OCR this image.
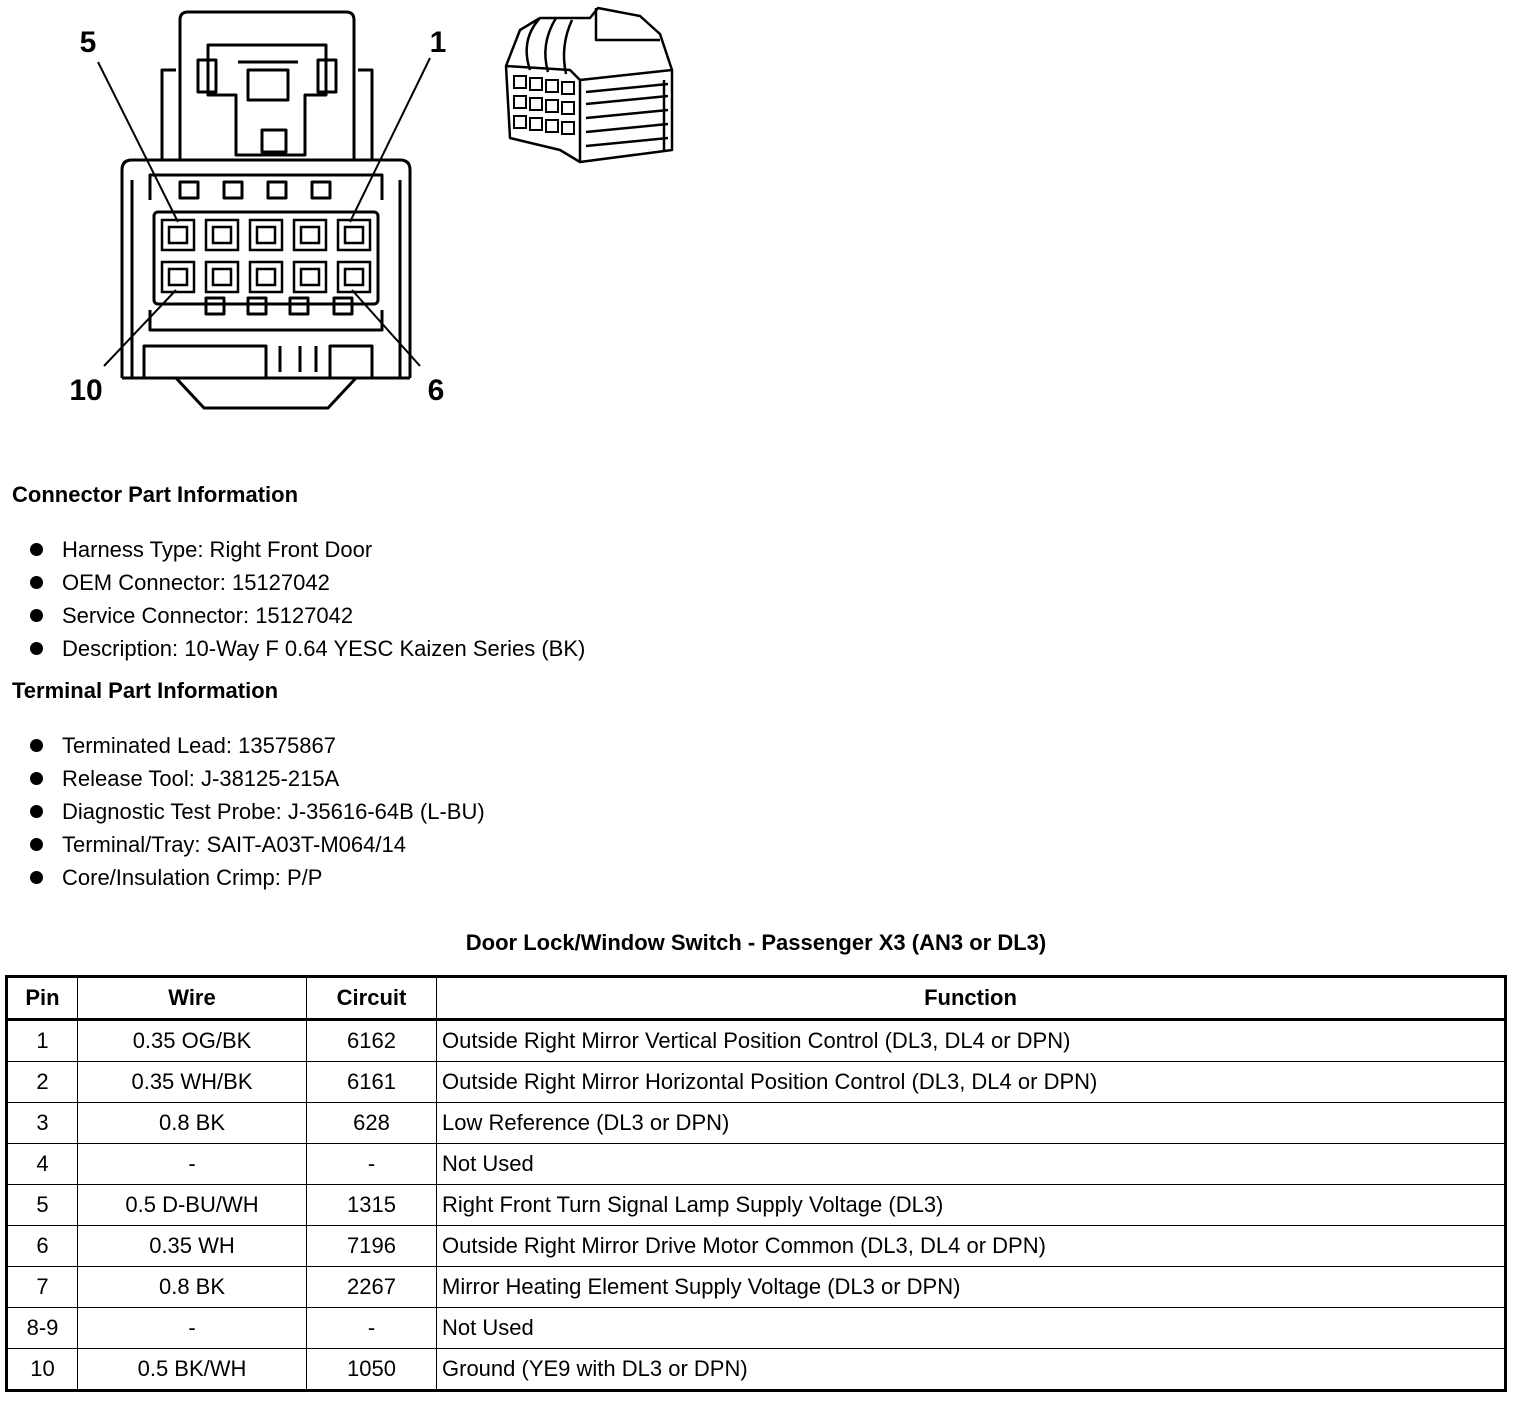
5	1
10	6
Connector Part Information
Harness Type: Right Front Door
OEM Connector: 15127042
Service Connector: 15127042
Description: 10-Way F 0.64 YESC Kaizen Series (BK)
Terminal Part Information
Terminated Lead: 13575867
Release Tool: J-38125-215A
Diagnostic Test Probe: J-35616-64B (L-BU)
Terminal/Tray: SAIT-A03T-M064/14
Core/Insulation Crimp: P/P
Door Lock/Window Switch - Passenger X3 (AN3 or DL3)
Pin	Wire	Circuit	Function
1	0.35 OG/BK	6162	Outside Right Mirror Vertical Position Control (DL3, DL4 or DPN)
2	0.35 WH/BK	6161	Outside Right Mirror Horizontal Position Control (DL3, DL4 or DPN)
3	0.8 BK	628	Low Reference (DL3 or DPN)
4	-	-	Not Used
5	0.5 D-BU/WH	1315	Right Front Turn Signal Lamp Supply Voltage (DL3)
6	0.35 WH	7196	Outside Right Mirror Drive Motor Common (DL3, DL4 or DPN)
7	0.8 BK	2267	Mirror Heating Element Supply Voltage (DL3 or DPN)
8-9	-	-	Not Used
10	0.5 BK/WH	1050	Ground (YE9 with DL3 or DPN)
